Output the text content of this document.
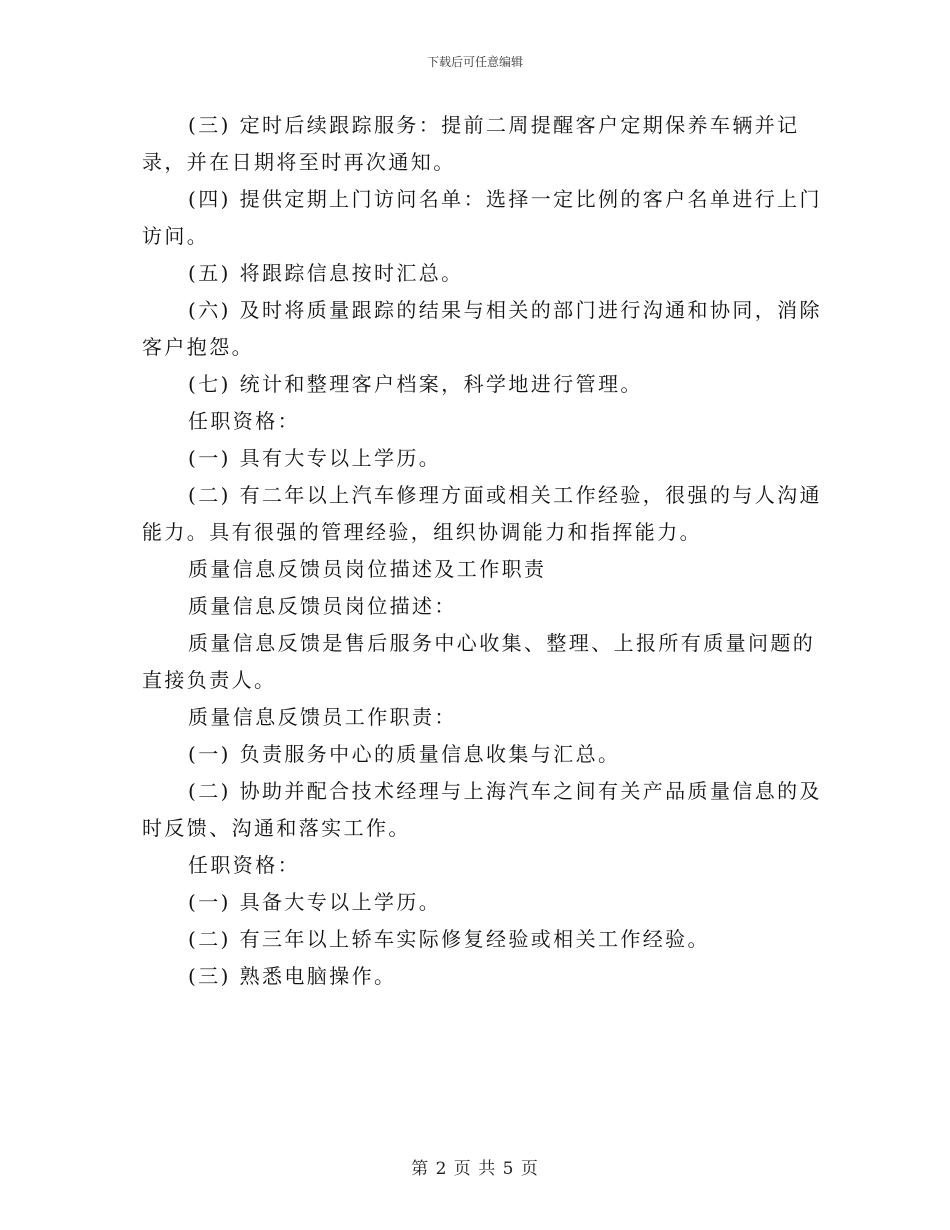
下载后可任意编辑

(三) 定时后续跟踪服务：提前二周提醒客户定期保养车辆并记录，并在日期将至时再次通知。

(四) 提供定期上门访问名单：选择一定比例的客户名单进行上门访问。

(五) 将跟踪信息按时汇总。

(六) 及时将质量跟踪的结果与相关的部门进行沟通和协同，消除客户抱怨。

(七) 统计和整理客户档案，科学地进行管理。

任职资格：

(一) 具有大专以上学历。

(二) 有二年以上汽车修理方面或相关工作经验，很强的与人沟通能力。具有很强的管理经验，组织协调能力和指挥能力。

质量信息反馈员岗位描述及工作职责

质量信息反馈员岗位描述：

质量信息反馈是售后服务中心收集、整理、上报所有质量问题的直接负责人。

质量信息反馈员工作职责：

(一) 负责服务中心的质量信息收集与汇总。

(二) 协助并配合技术经理与上海汽车之间有关产品质量信息的及时反馈、沟通和落实工作。

任职资格：

(一) 具备大专以上学历。

(二) 有三年以上轿车实际修复经验或相关工作经验。

(三) 熟悉电脑操作。

第 2 页 共 5 页
